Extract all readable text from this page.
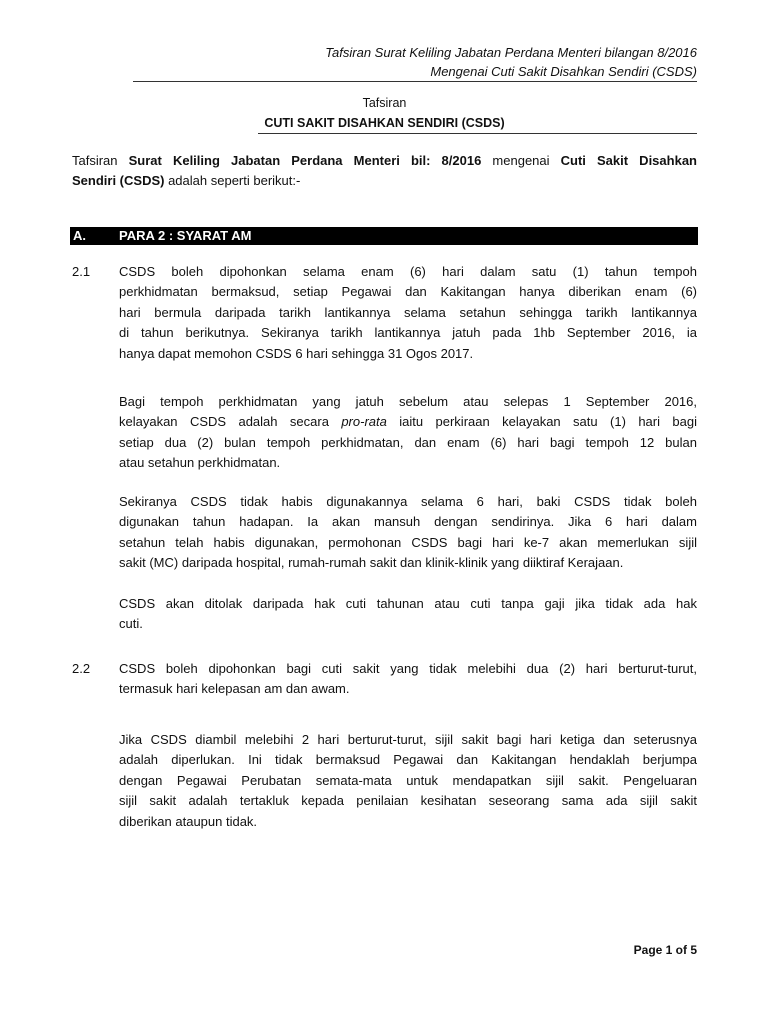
Tafsiran Surat Keliling Jabatan Perdana Menteri bilangan 8/2016
Mengenai Cuti Sakit Disahkan Sendiri (CSDS)
Tafsiran
CUTI SAKIT DISAHKAN SENDIRI (CSDS)
Tafsiran Surat Keliling Jabatan Perdana Menteri bil: 8/2016 mengenai Cuti Sakit Disahkan
Sendiri (CSDS) adalah seperti berikut:-
A.	PARA 2 : SYARAT AM
2.1 CSDS boleh dipohonkan selama enam (6) hari dalam satu (1) tahun tempoh
perkhidmatan bermaksud, setiap Pegawai dan Kakitangan hanya diberikan enam (6)
hari bermula daripada tarikh lantikannya selama setahun sehingga tarikh lantikannya
di tahun berikutnya. Sekiranya tarikh lantikannya jatuh pada 1hb September 2016, ia
hanya dapat memohon CSDS 6 hari sehingga 31 Ogos 2017.
Bagi tempoh perkhidmatan yang jatuh sebelum atau selepas 1 September 2016,
kelayakan CSDS adalah secara pro-rata iaitu perkiraan kelayakan satu (1) hari bagi
setiap dua (2) bulan tempoh perkhidmatan, dan enam (6) hari bagi tempoh 12 bulan
atau setahun perkhidmatan.
Sekiranya CSDS tidak habis digunakannya selama 6 hari, baki CSDS tidak boleh
digunakan tahun hadapan. Ia akan mansuh dengan sendirinya. Jika 6 hari dalam
setahun telah habis digunakan, permohonan CSDS bagi hari ke-7 akan memerlukan sijil
sakit (MC) daripada hospital, rumah-rumah sakit dan klinik-klinik yang diiktiraf Kerajaan.
CSDS akan ditolak daripada hak cuti tahunan atau cuti tanpa gaji jika tidak ada hak
cuti.
2.2 CSDS boleh dipohonkan bagi cuti sakit yang tidak melebihi dua (2) hari berturut-turut,
termasuk hari kelepasan am dan awam.
Jika CSDS diambil melebihi 2 hari berturut-turut, sijil sakit bagi hari ketiga dan seterusnya
adalah diperlukan. Ini tidak bermaksud Pegawai dan Kakitangan hendaklah berjumpa
dengan Pegawai Perubatan semata-mata untuk mendapatkan sijil sakit. Pengeluaran
sijil sakit adalah tertakluk kepada penilaian kesihatan seseorang sama ada sijil sakit
diberikan ataupun tidak.
Page 1 of 5
